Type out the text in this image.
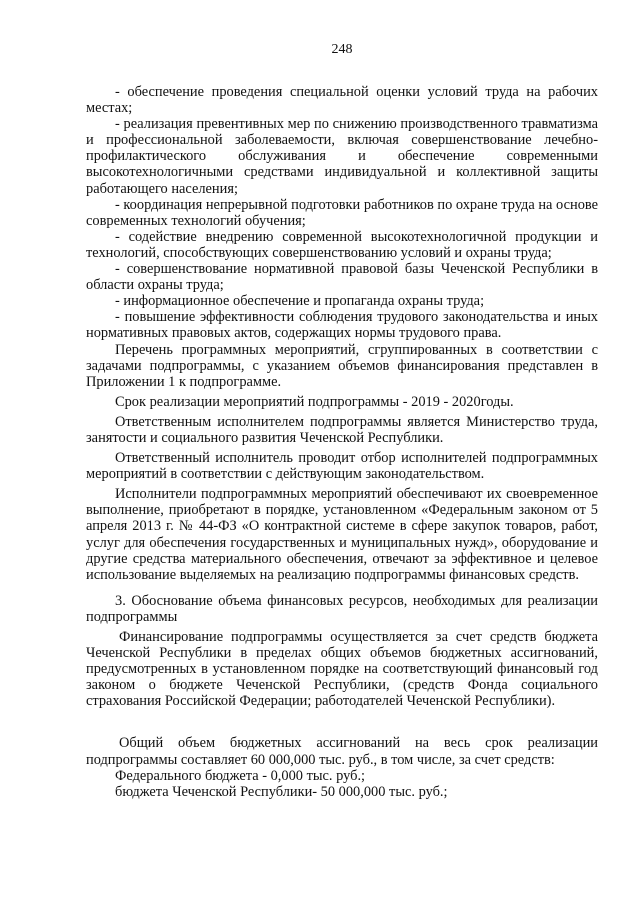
248

- обеспечение проведения специальной оценки условий труда на рабочих местах;

- реализация превентивных мер по снижению производственного травматизма и профессиональной заболеваемости, включая совершенствование лечебно-профилактического обслуживания и обеспечение современными высокотехнологичными средствами индивидуальной и коллективной защиты работающего населения;

- координация непрерывной подготовки работников по охране труда на основе современных технологий обучения;

- содействие внедрению современной высокотехнологичной продукции и технологий, способствующих совершенствованию условий и охраны труда;

- совершенствование нормативной правовой базы Чеченской Республики в области охраны труда;

- информационное обеспечение и пропаганда охраны труда;

- повышение эффективности соблюдения трудового законодательства и иных нормативных правовых актов, содержащих нормы трудового права.

Перечень программных мероприятий, сгруппированных в соответствии с задачами подпрограммы, с указанием объемов финансирования представлен в Приложении 1 к подпрограмме.

Срок реализации мероприятий подпрограммы - 2019 - 2020годы.

Ответственным исполнителем подпрограммы является Министерство труда, занятости и социального развития Чеченской Республики.

Ответственный исполнитель проводит отбор исполнителей подпрограммных мероприятий в соответствии с действующим законодательством.

Исполнители подпрограммных мероприятий обеспечивают их своевременное выполнение, приобретают в порядке, установленном «Федеральным законом от 5 апреля 2013 г. № 44-ФЗ «О контрактной системе в сфере закупок товаров, работ, услуг для обеспечения государственных и муниципальных нужд», оборудование и другие средства материального обеспечения, отвечают за эффективное и целевое использование выделяемых на реализацию подпрограммы финансовых средств.

3. Обоснование объема финансовых ресурсов, необходимых для реализации подпрограммы

Финансирование подпрограммы осуществляется за счет средств бюджета Чеченской Республики в пределах общих объемов бюджетных ассигнований, предусмотренных в установленном порядке на соответствующий финансовый год законом о бюджете Чеченской Республики, (средств Фонда социального страхования Российской Федерации; работодателей Чеченской Республики).

Общий объем бюджетных ассигнований на весь срок реализации подпрограммы составляет 60 000,000 тыс. руб., в том числе, за счет средств:

Федерального бюджета - 0,000 тыс. руб.;

бюджета Чеченской Республики- 50 000,000 тыс. руб.;
